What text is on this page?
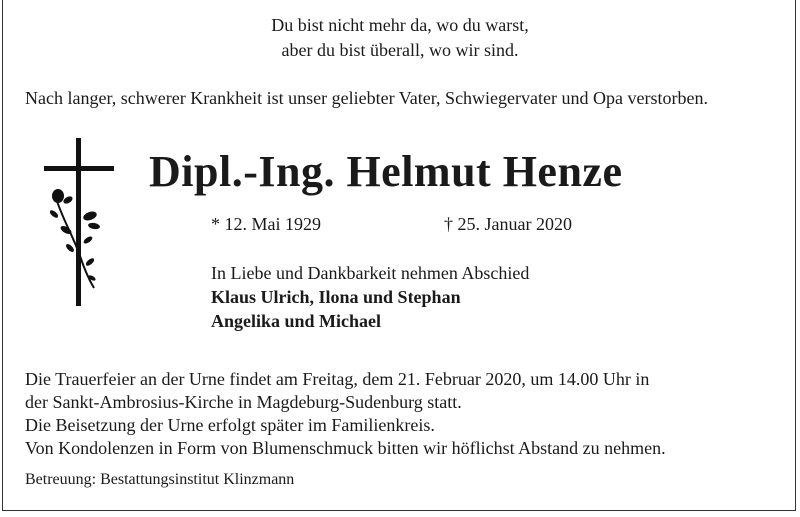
Du bist nicht mehr da, wo du warst,
aber du bist überall, wo wir sind.
Nach langer, schwerer Krankheit ist unser geliebter Vater, Schwiegervater und Opa verstorben.
Dipl.-Ing. Helmut Henze
* 12. Mai 1929	† 25. Januar 2020
In Liebe und Dankbarkeit nehmen Abschied
Klaus Ulrich, Ilona und Stephan
Angelika und Michael
Die Trauerfeier an der Urne findet am Freitag, dem 21. Februar 2020, um 14.00 Uhr in
der Sankt-Ambrosius-Kirche in Magdeburg-Sudenburg statt.
Die Beisetzung der Urne erfolgt später im Familienkreis.
Von Kondolenzen in Form von Blumenschmuck bitten wir höflichst Abstand zu nehmen.
Betreuung: Bestattungsinstitut Klinzmann
